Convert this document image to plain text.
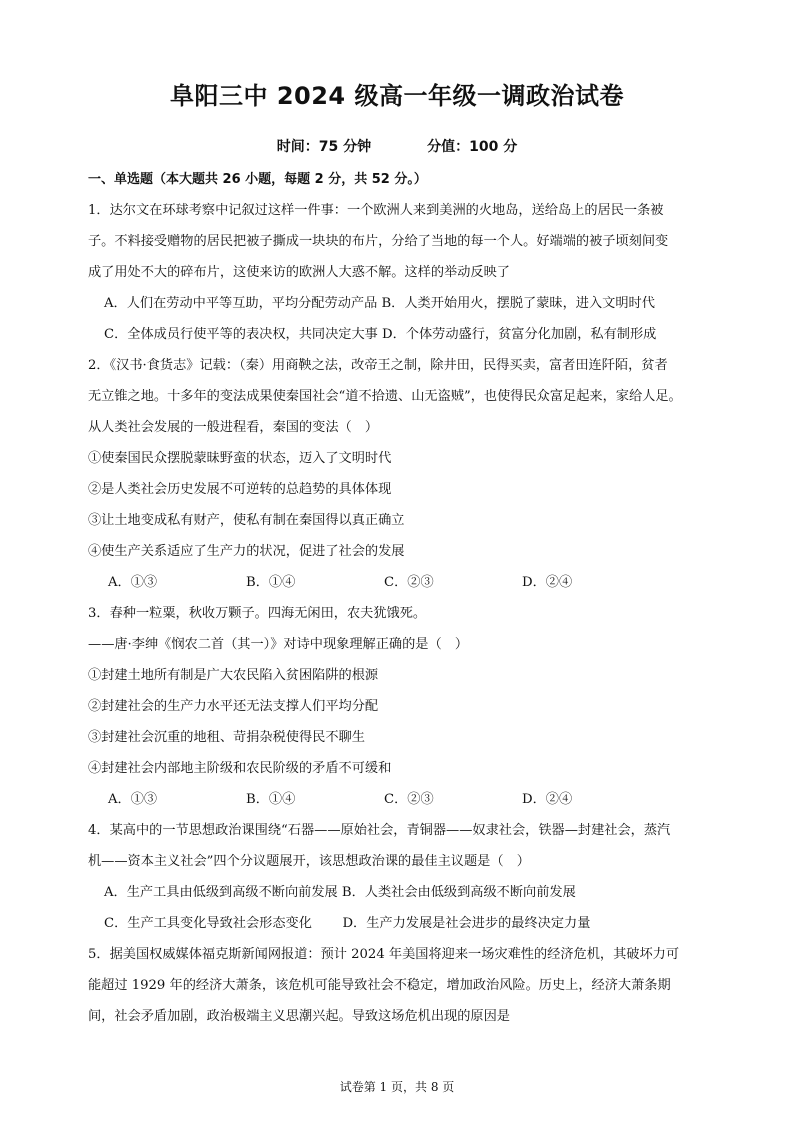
阜阳三中 2024 级高一年级一调政治试卷
时间：75 分钟	分值：100 分
一、单选题（本大题共 26 小题，每题 2 分，共 52 分。）
1．达尔文在环球考察中记叙过这样一件事：一个欧洲人来到美洲的火地岛，送给岛上的居民一条被
子。不料接受赠物的居民把被子撕成一块块的布片，分给了当地的每一个人。好端端的被子顷刻间变
成了用处不大的碎布片，这使来访的欧洲人大惑不解。这样的举动反映了
A．人们在劳动中平等互助，平均分配劳动产品 B．人类开始用火，摆脱了蒙昧，进入文明时代
C．全体成员行使平等的表决权，共同决定大事 D．个体劳动盛行，贫富分化加剧，私有制形成
2．《汉书·食货志》记载：（秦）用商鞅之法，改帝王之制，除井田，民得买卖，富者田连阡陌，贫者
无立锥之地。十多年的变法成果使秦国社会“道不拾遗、山无盗贼”，也使得民众富足起来，家给人足。
从人类社会发展的一般进程看，秦国的变法（　）
①使秦国民众摆脱蒙昧野蛮的状态，迈入了文明时代
②是人类社会历史发展不可逆转的总趋势的具体体现
③让土地变成私有财产，使私有制在秦国得以真正确立
④使生产关系适应了生产力的状况，促进了社会的发展
A．①③	B．①④	C．②③	D．②④
3．春种一粒粟，秋收万颗子。四海无闲田，农夫犹饿死。
——唐·李绅《悯农二首（其一）》对诗中现象理解正确的是（　）
①封建土地所有制是广大农民陷入贫困陷阱的根源
②封建社会的生产力水平还无法支撑人们平均分配
③封建社会沉重的地租、苛捐杂税使得民不聊生
④封建社会内部地主阶级和农民阶级的矛盾不可缓和
A．①③	B．①④	C．②③	D．②④
4．某高中的一节思想政治课围绕“石器——原始社会，青铜器——奴隶社会，铁器—封建社会，蒸汽
机——资本主义社会”四个分议题展开，该思想政治课的最佳主议题是（　）
A．生产工具由低级到高级不断向前发展 B．人类社会由低级到高级不断向前发展
C．生产工具变化导致社会形态变化　　 D．生产力发展是社会进步的最终决定力量
5．据美国权威媒体福克斯新闻网报道：预计 2024 年美国将迎来一场灾难性的经济危机，其破坏力可
能超过 1929 年的经济大萧条，该危机可能导致社会不稳定，增加政治风险。历史上，经济大萧条期
间，社会矛盾加剧，政治极端主义思潮兴起。导致这场危机出现的原因是
试卷第 1 页，共 8 页
